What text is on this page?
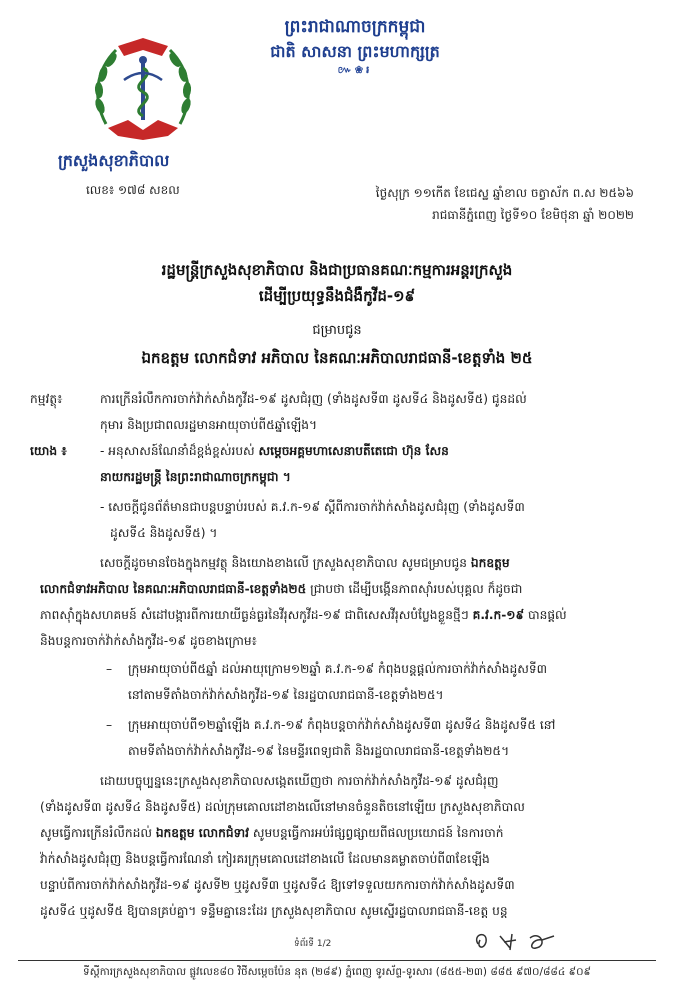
ព្រះរាជាណាចក្រកម្ពុជា
ជាតិ សាសនា ព្រះមហាក្សត្រ
៚❀៛
ក្រសួងសុខាភិបាល
លេខ៖ ១៧៨ សខល	ថ្ងៃសុក្រ ១១កើត ខែជេស្ឋ ឆ្នាំខាល ចត្វាស័ក ព.ស ២៥៦៦
រាជធានីភ្នំពេញ ថ្ងៃទី១០ ខែមិថុនា ឆ្នាំ ២០២២
រដ្ឋមន្ត្រីក្រសួងសុខាភិបាល និងជាប្រធានគណៈកម្មការអន្តរក្រសួង
ដើម្បីប្រយុទ្ធនឹងជំងឺកូវីដ-១៩
ជម្រាបជូន
ឯកឧត្តម លោកជំទាវ អភិបាល នៃគណៈអភិបាលរាជធានី-ខេត្តទាំង ២៥
កម្មវត្ថុ៖	ការក្រើនរំលឹកការចាក់វ៉ាក់សាំងកូវីដ-១៩ ដូសជំរុញ (ទាំងដូសទី៣ ដូសទី៤ និងដូសទី៥) ជូនដល់
កុមារ និងប្រជាពលរដ្ឋមានអាយុចាប់ពី៥ឆ្នាំឡើង។
យោង ៖	- អនុសាសន៍ណែនាំដ៏ខ្ពង់ខ្ពស់របស់ សម្តេចអគ្គមហាសេនាបតីតេជោ ហ៊ុន សែន
នាយករដ្ឋមន្ត្រី នៃព្រះរាជាណាចក្រកម្ពុជា ។
- សេចក្តីជូនព័ត៌មានជាបន្តបន្ទាប់របស់ គ.វ.ក-១៩ ស្តីពីការចាក់វ៉ាក់សាំងដូសជំរុញ (ទាំងដូសទី៣
ដូសទី៤ និងដូសទី៥) ។
សេចក្តីដូចមានចែងក្នុងកម្មវត្ថុ និងយោងខាងលើ ក្រសួងសុខាភិបាល សូមជម្រាបជូន ឯកឧត្តម
លោកជំទាវអភិបាល នៃគណៈអភិបាលរាជធានី-ខេត្តទាំង២៥ ជ្រាបថា ដើម្បីបង្កើនភាពស៊ាំរបស់បុគ្គល ក៏ដូចជា
ភាពស៊ាំក្នុងសហគមន៍ សំដៅបង្ការពីការយាយីធ្ងន់ធ្ងរនៃវីរុសកូវីដ-១៩ ជាពិសេសវីរុសបំប្លែងខ្លួនថ្មីៗ គ.វ.ក-១៩ បានផ្តល់
និងបន្តការចាក់វ៉ាក់សាំងកូវីដ-១៩ ដូចខាងក្រោម៖
– ក្រុមអាយុចាប់ពី៥ឆ្នាំ ដល់អាយុក្រោម១២ឆ្នាំ គ.វ.ក-១៩ កំពុងបន្តផ្តល់ការចាក់វ៉ាក់សាំងដូសទី៣
នៅតាមទីតាំងចាក់វ៉ាក់សាំងកូវីដ-១៩ នៃរដ្ឋបាលរាជធានី-ខេត្តទាំង២៥។
– ក្រុមអាយុចាប់ពី១២ឆ្នាំឡើង គ.វ.ក-១៩ កំពុងបន្តចាក់វ៉ាក់សាំងដូសទី៣ ដូសទី៤ និងដូសទី៥ នៅ
តាមទីតាំងចាក់វ៉ាក់សាំងកូវីដ-១៩ នៃមន្ទីរពេទ្យជាតិ និងរដ្ឋបាលរាជធានី-ខេត្តទាំង២៥។
ដោយបច្ចុប្បន្ននេះក្រសួងសុខាភិបាលសង្កេតឃើញថា ការចាក់វ៉ាក់សាំងកូវីដ-១៩ ដូសជំរុញ
(ទាំងដូសទី៣ ដូសទី៤ និងដូសទី៥) ដល់ក្រុមគោលដៅខាងលើនៅមានចំនួនតិចនៅឡើយ ក្រសួងសុខាភិបាល
សូមធ្វើការក្រើនរំលឹកដល់ ឯកឧត្តម លោកជំទាវ សូមបន្តធ្វើការអប់រំផ្សព្វផ្សាយពីផលប្រយោជន៍ នៃការចាក់
វ៉ាក់សាំងដូសជំរុញ និងបន្តធ្វើការណែនាំ កៀរគរក្រុមគោលដៅខាងលើ ដែលមានគម្លាតចាប់ពី៣ខែឡើង
បន្ទាប់ពីការចាក់វ៉ាក់សាំងកូវីដ-១៩ ដូសទី២ ឬដូសទី៣ ឬដូសទី៤ ឱ្យទៅទទួលយកការចាក់វ៉ាក់សាំងដូសទី៣
ដូសទី៤ ឬដូសទី៥ ឱ្យបានគ្រប់គ្នា។ ទន្ទឹមគ្នានេះដែរ ក្រសួងសុខាភិបាល សូមស្នើរដ្ឋបាលរាជធានី-ខេត្ត បន្ត
ទំព័រទី 1/2
ទីស្តីការក្រសួងសុខាភិបាល ផ្លូវលេខ៨០ វិថីសម្តេចប៉ែន នុត (២៨៩) ភ្នំពេញ ទូរស័ព្ទ-ទូរសារ (៨៥៥-២៣) ៨៨៥ ៩៧០/៨៨៤ ៩០៩
